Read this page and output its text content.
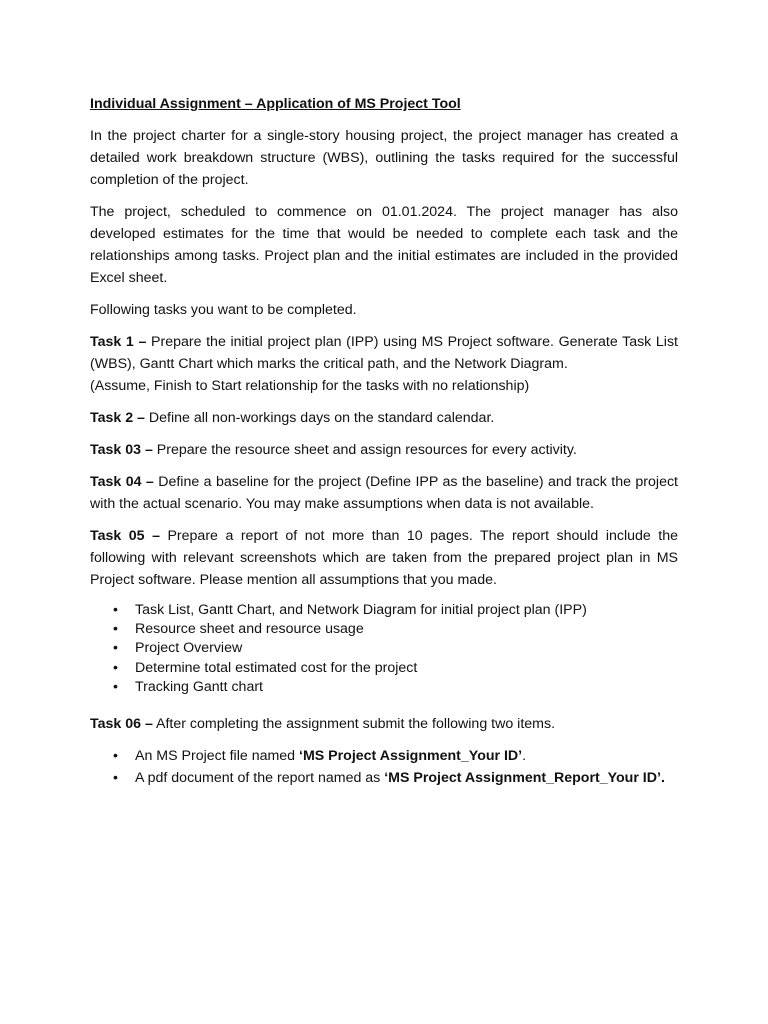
Individual Assignment – Application of MS Project Tool

In the project charter for a single-story housing project, the project manager has created a detailed work breakdown structure (WBS), outlining the tasks required for the successful completion of the project.

The project, scheduled to commence on 01.01.2024. The project manager has also developed estimates for the time that would be needed to complete each task and the relationships among tasks. Project plan and the initial estimates are included in the provided Excel sheet.

Following tasks you want to be completed.

Task 1 – Prepare the initial project plan (IPP) using MS Project software. Generate Task List (WBS), Gantt Chart which marks the critical path, and the Network Diagram.
(Assume, Finish to Start relationship for the tasks with no relationship)

Task 2 – Define all non-workings days on the standard calendar.

Task 03 – Prepare the resource sheet and assign resources for every activity.

Task 04 – Define a baseline for the project (Define IPP as the baseline) and track the project with the actual scenario. You may make assumptions when data is not available.

Task 05 – Prepare a report of not more than 10 pages. The report should include the following with relevant screenshots which are taken from the prepared project plan in MS Project software. Please mention all assumptions that you made.

• Task List, Gantt Chart, and Network Diagram for initial project plan (IPP)
• Resource sheet and resource usage
• Project Overview
• Determine total estimated cost for the project
• Tracking Gantt chart

Task 06 – After completing the assignment submit the following two items.

• An MS Project file named ‘MS Project Assignment_Your ID’.
• A pdf document of the report named as ‘MS Project Assignment_Report_Your ID’.
